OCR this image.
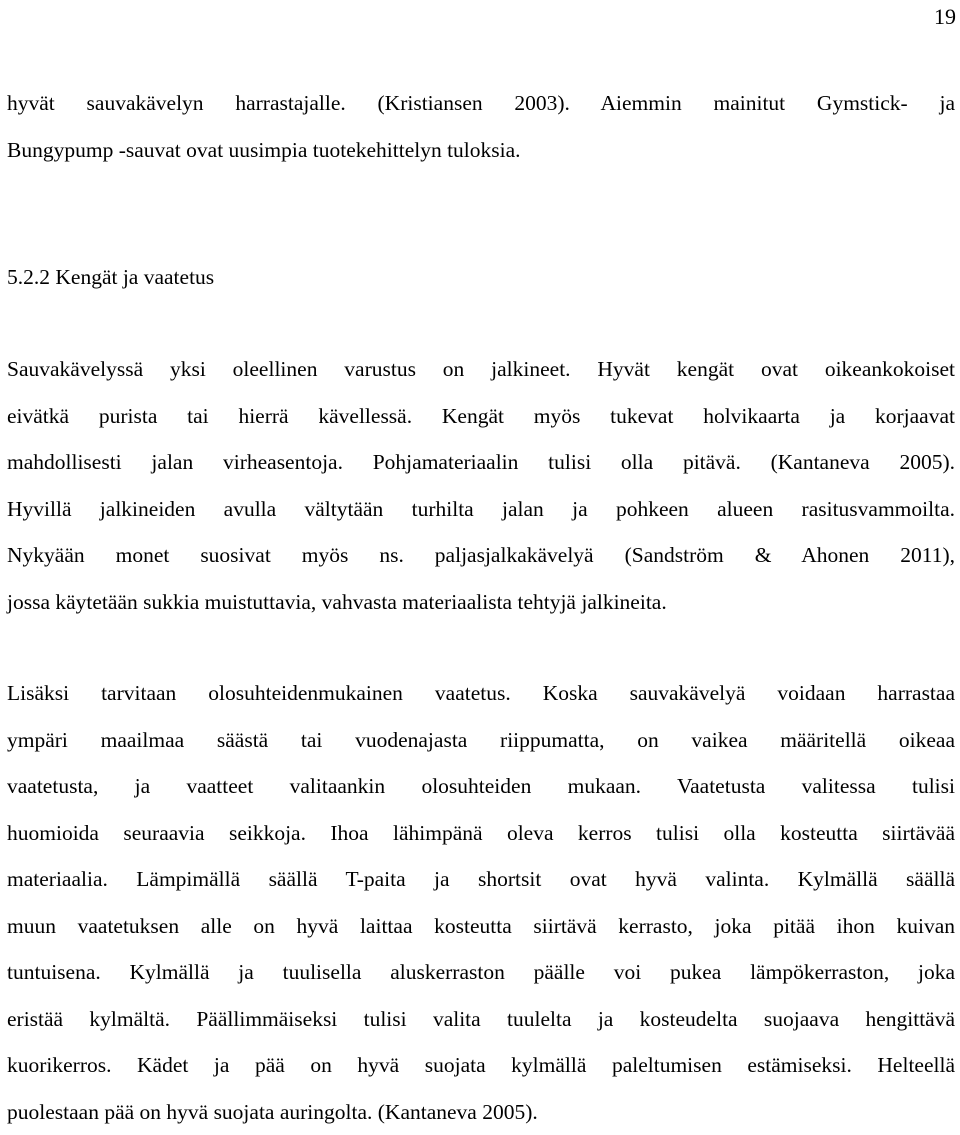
19
hyvät sauvakävelyn harrastajalle. (Kristiansen 2003). Aiemmin mainitut Gymstick- ja
Bungypump -sauvat ovat uusimpia tuotekehittelyn tuloksia.
5.2.2 Kengät ja vaatetus
Sauvakävelyssä yksi oleellinen varustus on jalkineet. Hyvät kengät ovat oikeankokoiset
eivätkä purista tai hierrä kävellessä. Kengät myös tukevat holvikaarta ja korjaavat
mahdollisesti jalan virheasentoja. Pohjamateriaalin tulisi olla pitävä. (Kantaneva 2005).
Hyvillä jalkineiden avulla vältytään turhilta jalan ja pohkeen alueen rasitusvammoilta.
Nykyään monet suosivat myös ns. paljasjalkakävelyä (Sandström & Ahonen 2011),
jossa käytetään sukkia muistuttavia, vahvasta materiaalista tehtyjä jalkineita.
Lisäksi tarvitaan olosuhteidenmukainen vaatetus. Koska sauvakävelyä voidaan harrastaa
ympäri maailmaa säästä tai vuodenajasta riippumatta, on vaikea määritellä oikeaa
vaatetusta, ja vaatteet valitaankin olosuhteiden mukaan. Vaatetusta valitessa tulisi
huomioida seuraavia seikkoja. Ihoa lähimpänä oleva kerros tulisi olla kosteutta siirtävää
materiaalia. Lämpimällä säällä T-paita ja shortsit ovat hyvä valinta. Kylmällä säällä
muun vaatetuksen alle on hyvä laittaa kosteutta siirtävä kerrasto, joka pitää ihon kuivan
tuntuisena. Kylmällä ja tuulisella aluskerraston päälle voi pukea lämpökerraston, joka
eristää kylmältä. Päällimmäiseksi tulisi valita tuulelta ja kosteudelta suojaava hengittävä
kuorikerros. Kädet ja pää on hyvä suojata kylmällä paleltumisen estämiseksi. Helteellä
puolestaan pää on hyvä suojata auringolta. (Kantaneva 2005).
